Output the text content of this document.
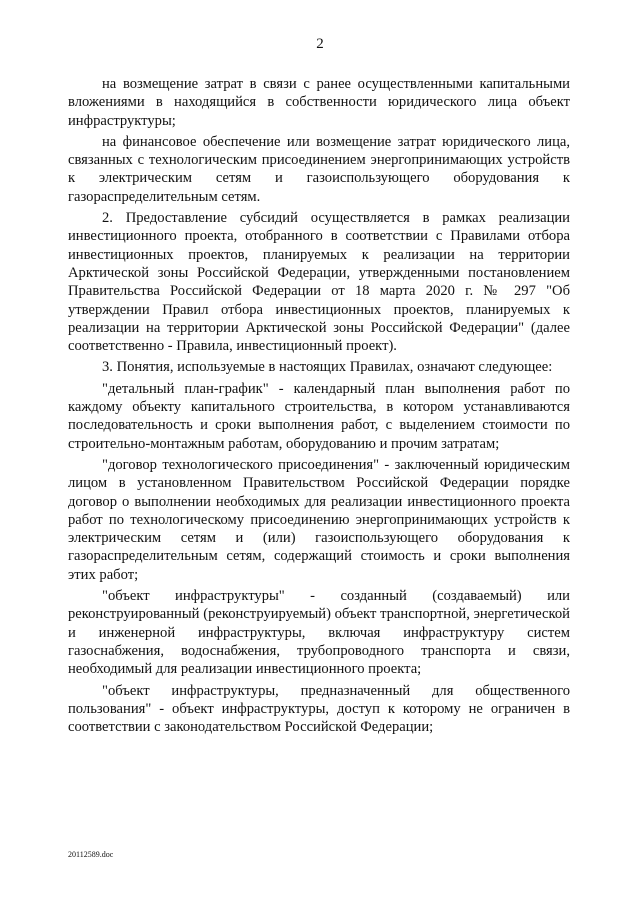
2

на возмещение затрат в связи с ранее осуществленными капитальными вложениями в находящийся в собственности юридического лица объект инфраструктуры;

на финансовое обеспечение или возмещение затрат юридического лица, связанных с технологическим присоединением энергопринимающих устройств к электрическим сетям и газоиспользующего оборудования к газораспределительным сетям.

2. Предоставление субсидий осуществляется в рамках реализации инвестиционного проекта, отобранного в соответствии с Правилами отбора инвестиционных проектов, планируемых к реализации на территории Арктической зоны Российской Федерации, утвержденными постановлением Правительства Российской Федерации от 18 марта 2020 г. № 297 "Об утверждении Правил отбора инвестиционных проектов, планируемых к реализации на территории Арктической зоны Российской Федерации" (далее соответственно - Правила, инвестиционный проект).

3. Понятия, используемые в настоящих Правилах, означают следующее:

"детальный план-график" - календарный план выполнения работ по каждому объекту капитального строительства, в котором устанавливаются последовательность и сроки выполнения работ, с выделением стоимости по строительно-монтажным работам, оборудованию и прочим затратам;

"договор технологического присоединения" - заключенный юридическим лицом в установленном Правительством Российской Федерации порядке договор о выполнении необходимых для реализации инвестиционного проекта работ по технологическому присоединению энергопринимающих устройств к электрическим сетям и (или) газоиспользующего оборудования к газораспределительным сетям, содержащий стоимость и сроки выполнения этих работ;

"объект инфраструктуры" - созданный (создаваемый) или реконструированный (реконструируемый) объект транспортной, энергетической и инженерной инфраструктуры, включая инфраструктуру систем газоснабжения, водоснабжения, трубопроводного транспорта и связи, необходимый для реализации инвестиционного проекта;

"объект инфраструктуры, предназначенный для общественного пользования" - объект инфраструктуры, доступ к которому не ограничен в соответствии с законодательством Российской Федерации;

20112589.doc
